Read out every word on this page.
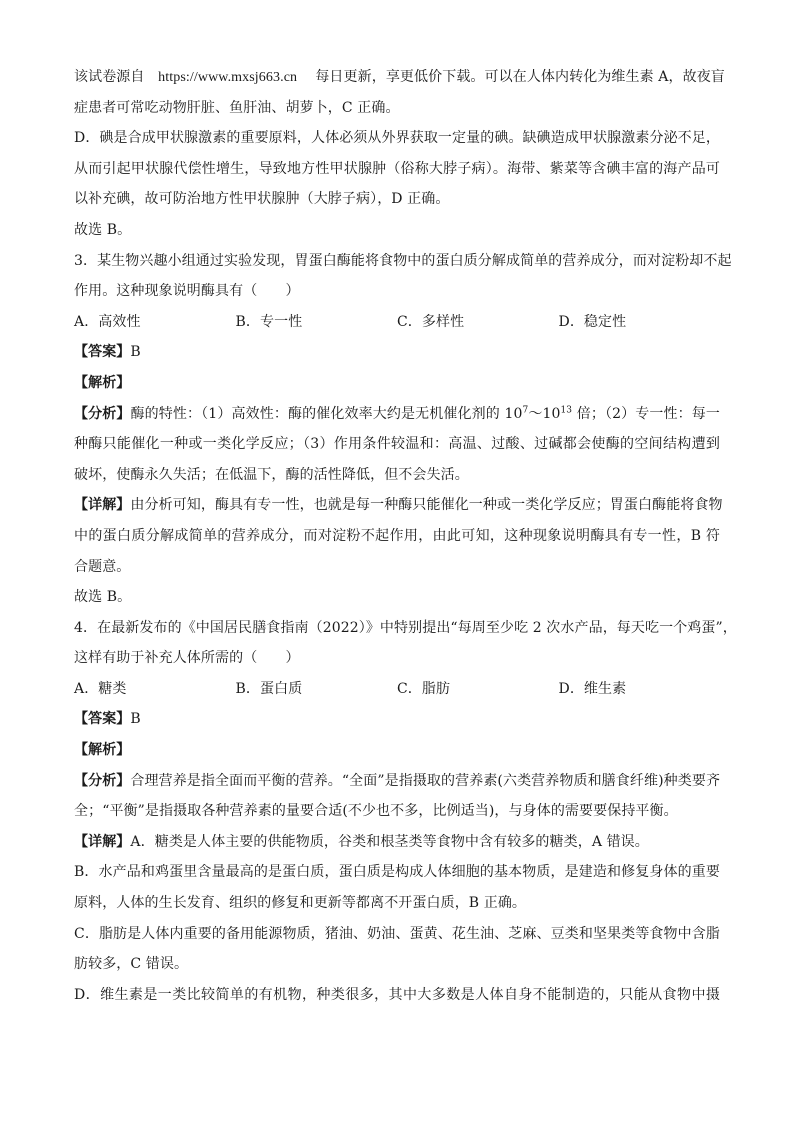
该试卷源自 https://www.mxsj663.cn 每日更新，享更低价下载。可以在人体内转化为维生素 A，故夜盲
症患者可常吃动物肝脏、鱼肝油、胡萝卜，C 正确。
D．碘是合成甲状腺激素的重要原料，人体必须从外界获取一定量的碘。缺碘造成甲状腺激素分泌不足，
从而引起甲状腺代偿性增生，导致地方性甲状腺肿（俗称大脖子病）。海带、紫菜等含碘丰富的海产品可
以补充碘，故可防治地方性甲状腺肿（大脖子病），D 正确。
故选 B。
3．某生物兴趣小组通过实验发现，胃蛋白酶能将食物中的蛋白质分解成简单的营养成分，而对淀粉却不起
作用。这种现象说明酶具有（　　）
A．高效性	B．专一性	C．多样性	D．稳定性
【答案】B
【解析】
【分析】酶的特性：（1）高效性：酶的催化效率大约是无机催化剂的 $10^7\sim 10^{13}$ 倍；（2）专一性：每一
种酶只能催化一种或一类化学反应；（3）作用条件较温和：高温、过酸、过碱都会使酶的空间结构遭到
破坏，使酶永久失活；在低温下，酶的活性降低，但不会失活。
【详解】由分析可知，酶具有专一性，也就是每一种酶只能催化一种或一类化学反应；胃蛋白酶能将食物
中的蛋白质分解成简单的营养成分，而对淀粉不起作用，由此可知，这种现象说明酶具有专一性，B 符
合题意。
故选 B。
4．在最新发布的《中国居民膳食指南（2022）》中特别提出“每周至少吃 2 次水产品，每天吃一个鸡蛋”，
这样有助于补充人体所需的（　　）
A．糖类	B．蛋白质	C．脂肪	D．维生素
【答案】B
【解析】
【分析】合理营养是指全面而平衡的营养。“全面”是指摄取的营养素(六类营养物质和膳食纤维)种类要齐
全；“平衡”是指摄取各种营养素的量要合适(不少也不多，比例适当)，与身体的需要要保持平衡。
【详解】A．糖类是人体主要的供能物质，谷类和根茎类等食物中含有较多的糖类，A 错误。
B．水产品和鸡蛋里含量最高的是蛋白质，蛋白质是构成人体细胞的基本物质，是建造和修复身体的重要
原料，人体的生长发育、组织的修复和更新等都离不开蛋白质，B 正确。
C．脂肪是人体内重要的备用能源物质，猪油、奶油、蛋黄、花生油、芝麻、豆类和坚果类等食物中含脂
肪较多，C 错误。
D．维生素是一类比较简单的有机物，种类很多，其中大多数是人体自身不能制造的，只能从食物中摄
